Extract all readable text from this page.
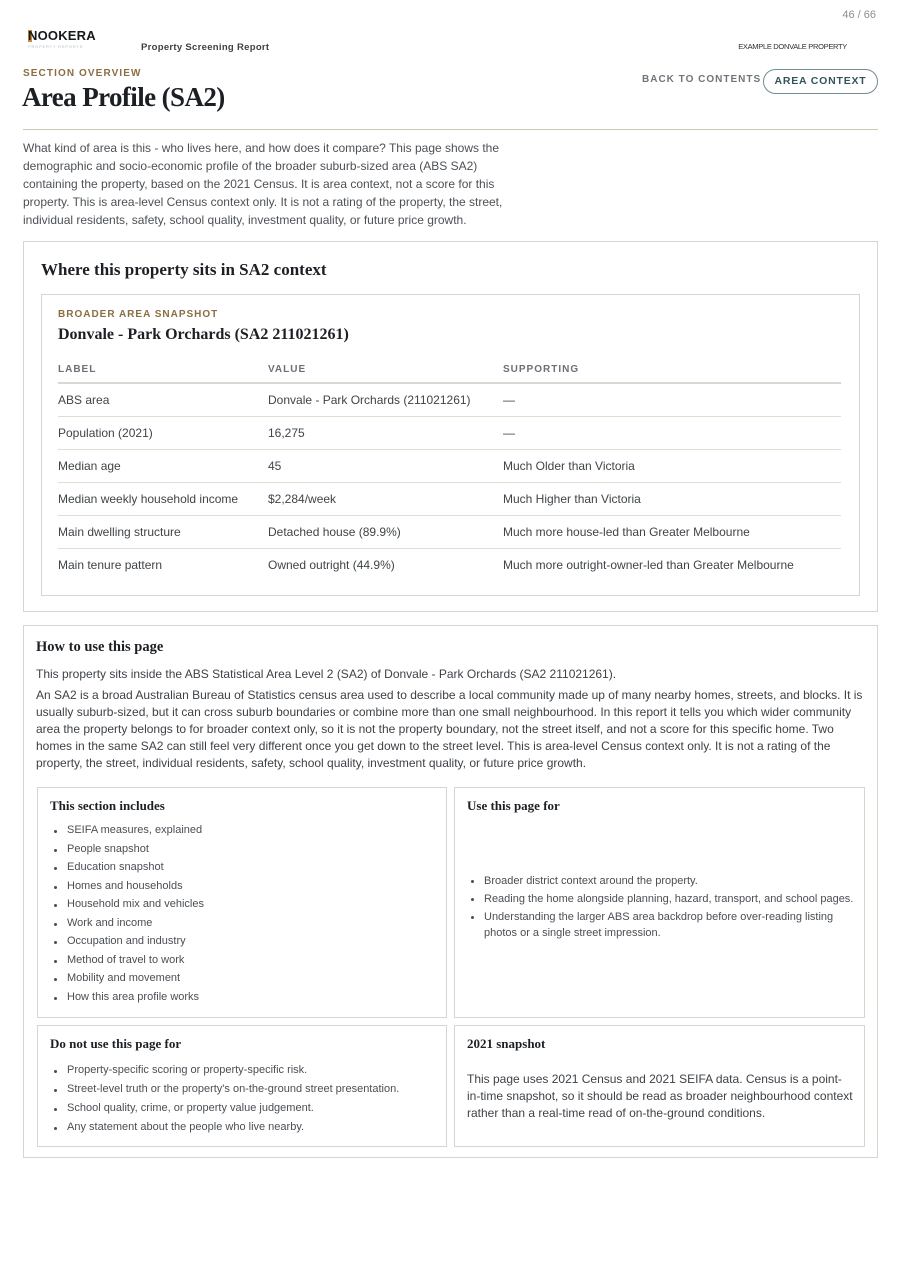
46 / 66
NOOKERA
PROPERTY REPORTS	Property Screening Report	EXAMPLE DONVALE PROPERTY
SECTION OVERVIEW
Area Profile (SA2)
BACK TO CONTENTS	AREA CONTEXT

What kind of area is this - who lives here, and how does it compare? This page shows the demographic and socio-economic profile of the broader suburb-sized area (ABS SA2) containing the property, based on the 2021 Census. It is area context, not a score for this property. This is area-level Census context only. It is not a rating of the property, the street, individual residents, safety, school quality, investment quality, or future price growth.

Where this property sits in SA2 context
BROADER AREA SNAPSHOT
Donvale - Park Orchards (SA2 211021261)
LABEL	VALUE	SUPPORTING
ABS area	Donvale - Park Orchards (211021261)	—
Population (2021)	16,275	—
Median age	45	Much Older than Victoria
Median weekly household income	$2,284/week	Much Higher than Victoria
Main dwelling structure	Detached house (89.9%)	Much more house-led than Greater Melbourne
Main tenure pattern	Owned outright (44.9%)	Much more outright-owner-led than Greater Melbourne
How to use this page

This property sits inside the ABS Statistical Area Level 2 (SA2) of Donvale - Park Orchards (SA2 211021261).

An SA2 is a broad Australian Bureau of Statistics census area used to describe a local community made up of many nearby homes, streets, and blocks. It is usually suburb-sized, but it can cross suburb boundaries or combine more than one small neighbourhood. In this report it tells you which wider community area the property belongs to for broader context only, so it is not the property boundary, not the street itself, and not a score for this specific home. Two homes in the same SA2 can still feel very different once you get down to the street level. This is area-level Census context only. It is not a rating of the property, the street, individual residents, safety, school quality, investment quality, or future price growth.

This section includes
SEIFA measures, explained
People snapshot
Education snapshot
Homes and households
Household mix and vehicles
Work and income
Occupation and industry
Method of travel to work
Mobility and movement
How this area profile works
Use this page for
Broader district context around the property.
Reading the home alongside planning, hazard, transport, and school pages.
Understanding the larger ABS area backdrop before over-reading listing photos or a single street impression.
Do not use this page for
Property-specific scoring or property-specific risk.
Street-level truth or the property's on-the-ground street presentation.
School quality, crime, or property value judgement.
Any statement about the people who live nearby.
2021 snapshot

This page uses 2021 Census and 2021 SEIFA data. Census is a point-in-time snapshot, so it should be read as broader neighbourhood context rather than a real-time read of on-the-ground conditions.
